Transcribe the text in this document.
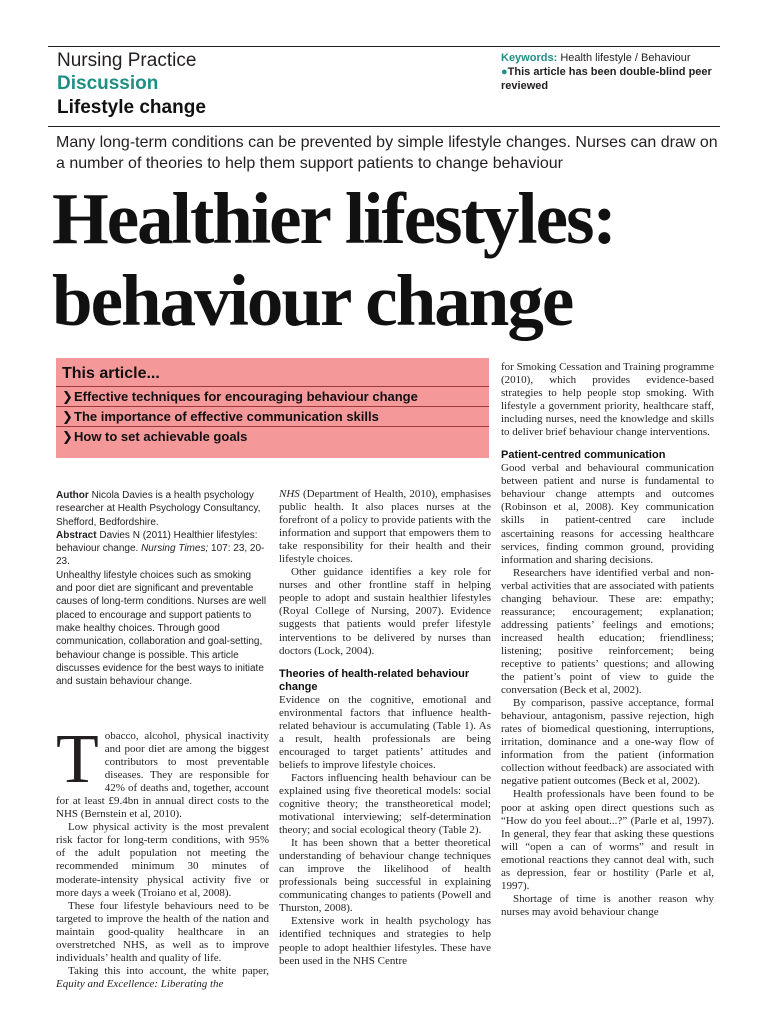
Nursing Practice
Discussion
Lifestyle change
Keywords: Health lifestyle / Behaviour
●This article has been double-blind peer reviewed
Many long-term conditions can be prevented by simple lifestyle changes. Nurses can draw on a number of theories to help them support patients to change behaviour
Healthier lifestyles:
behaviour change
This article...
❯Effective techniques for encouraging behaviour change
❯The importance of effective communication skills
❯How to set achievable goals
Author Nicola Davies is a health psychology researcher at Health Psychology Consultancy, Shefford, Bedfordshire.
Abstract Davies N (2011) Healthier lifestyles: behaviour change. Nursing Times; 107: 23, 20-23.
Unhealthy lifestyle choices such as smoking and poor diet are significant and preventable causes of long-term conditions. Nurses are well placed to encourage and support patients to make healthy choices. Through good communication, collaboration and goal-setting, behaviour change is possible. This article discusses evidence for the best ways to initiate and sustain behaviour change.

Tobacco, alcohol, physical inactivity and poor diet are among the biggest contributors to most preventable diseases. They are responsible for 42% of deaths and, together, account for at least £9.4bn in annual direct costs to the NHS (Bernstein et al, 2010).

Low physical activity is the most prevalent risk factor for long-term conditions, with 95% of the adult population not meeting the recommended minimum 30 minutes of moderate-intensity physical activity five or more days a week (Troiano et al, 2008).

These four lifestyle behaviours need to be targeted to improve the health of the nation and maintain good-quality healthcare in an overstretched NHS, as well as to improve individuals’ health and quality of life.

Taking this into account, the white paper, Equity and Excellence: Liberating the

NHS (Department of Health, 2010), emphasises public health. It also places nurses at the forefront of a policy to provide patients with the information and support that empowers them to take responsibility for their health and their lifestyle choices.

Other guidance identifies a key role for nurses and other frontline staff in helping people to adopt and sustain healthier lifestyles (Royal College of Nursing, 2007). Evidence suggests that patients would prefer lifestyle interventions to be delivered by nurses than doctors (Lock, 2004).

Theories of health-related behaviour change

Evidence on the cognitive, emotional and environmental factors that influence health-related behaviour is accumulating (Table 1). As a result, health professionals are being encouraged to target patients’ attitudes and beliefs to improve lifestyle choices.

Factors influencing health behaviour can be explained using five theoretical models: social cognitive theory; the transtheoretical model; motivational interviewing; self-determination theory; and social ecological theory (Table 2).

It has been shown that a better theoretical understanding of behaviour change techniques can improve the likelihood of health professionals being successful in explaining communicating changes to patients (Powell and Thurston, 2008).

Extensive work in health psychology has identified techniques and strategies to help people to adopt healthier lifestyles. These have been used in the NHS Centre

for Smoking Cessation and Training programme (2010), which provides evidence-based strategies to help people stop smoking. With lifestyle a government priority, healthcare staff, including nurses, need the knowledge and skills to deliver brief behaviour change interventions.

Patient-centred communication

Good verbal and behavioural communication between patient and nurse is fundamental to behaviour change attempts and outcomes (Robinson et al, 2008). Key communication skills in patient-centred care include ascertaining reasons for accessing healthcare services, finding common ground, providing information and sharing decisions.

Researchers have identified verbal and non-verbal activities that are associated with patients changing behaviour. These are: empathy; reassurance; encouragement; explanation; addressing patients’ feelings and emotions; increased health education; friendliness; listening; positive reinforcement; being receptive to patients’ questions; and allowing the patient’s point of view to guide the conversation (Beck et al, 2002).

By comparison, passive acceptance, formal behaviour, antagonism, passive rejection, high rates of biomedical questioning, interruptions, irritation, dominance and a one-way flow of information from the patient (information collection without feedback) are associated with negative patient outcomes (Beck et al, 2002).

Health professionals have been found to be poor at asking open direct questions such as “How do you feel about...?” (Parle et al, 1997). In general, they fear that asking these questions will “open a can of worms” and result in emotional reactions they cannot deal with, such as depression, fear or hostility (Parle et al, 1997).

Shortage of time is another reason why nurses may avoid behaviour change
